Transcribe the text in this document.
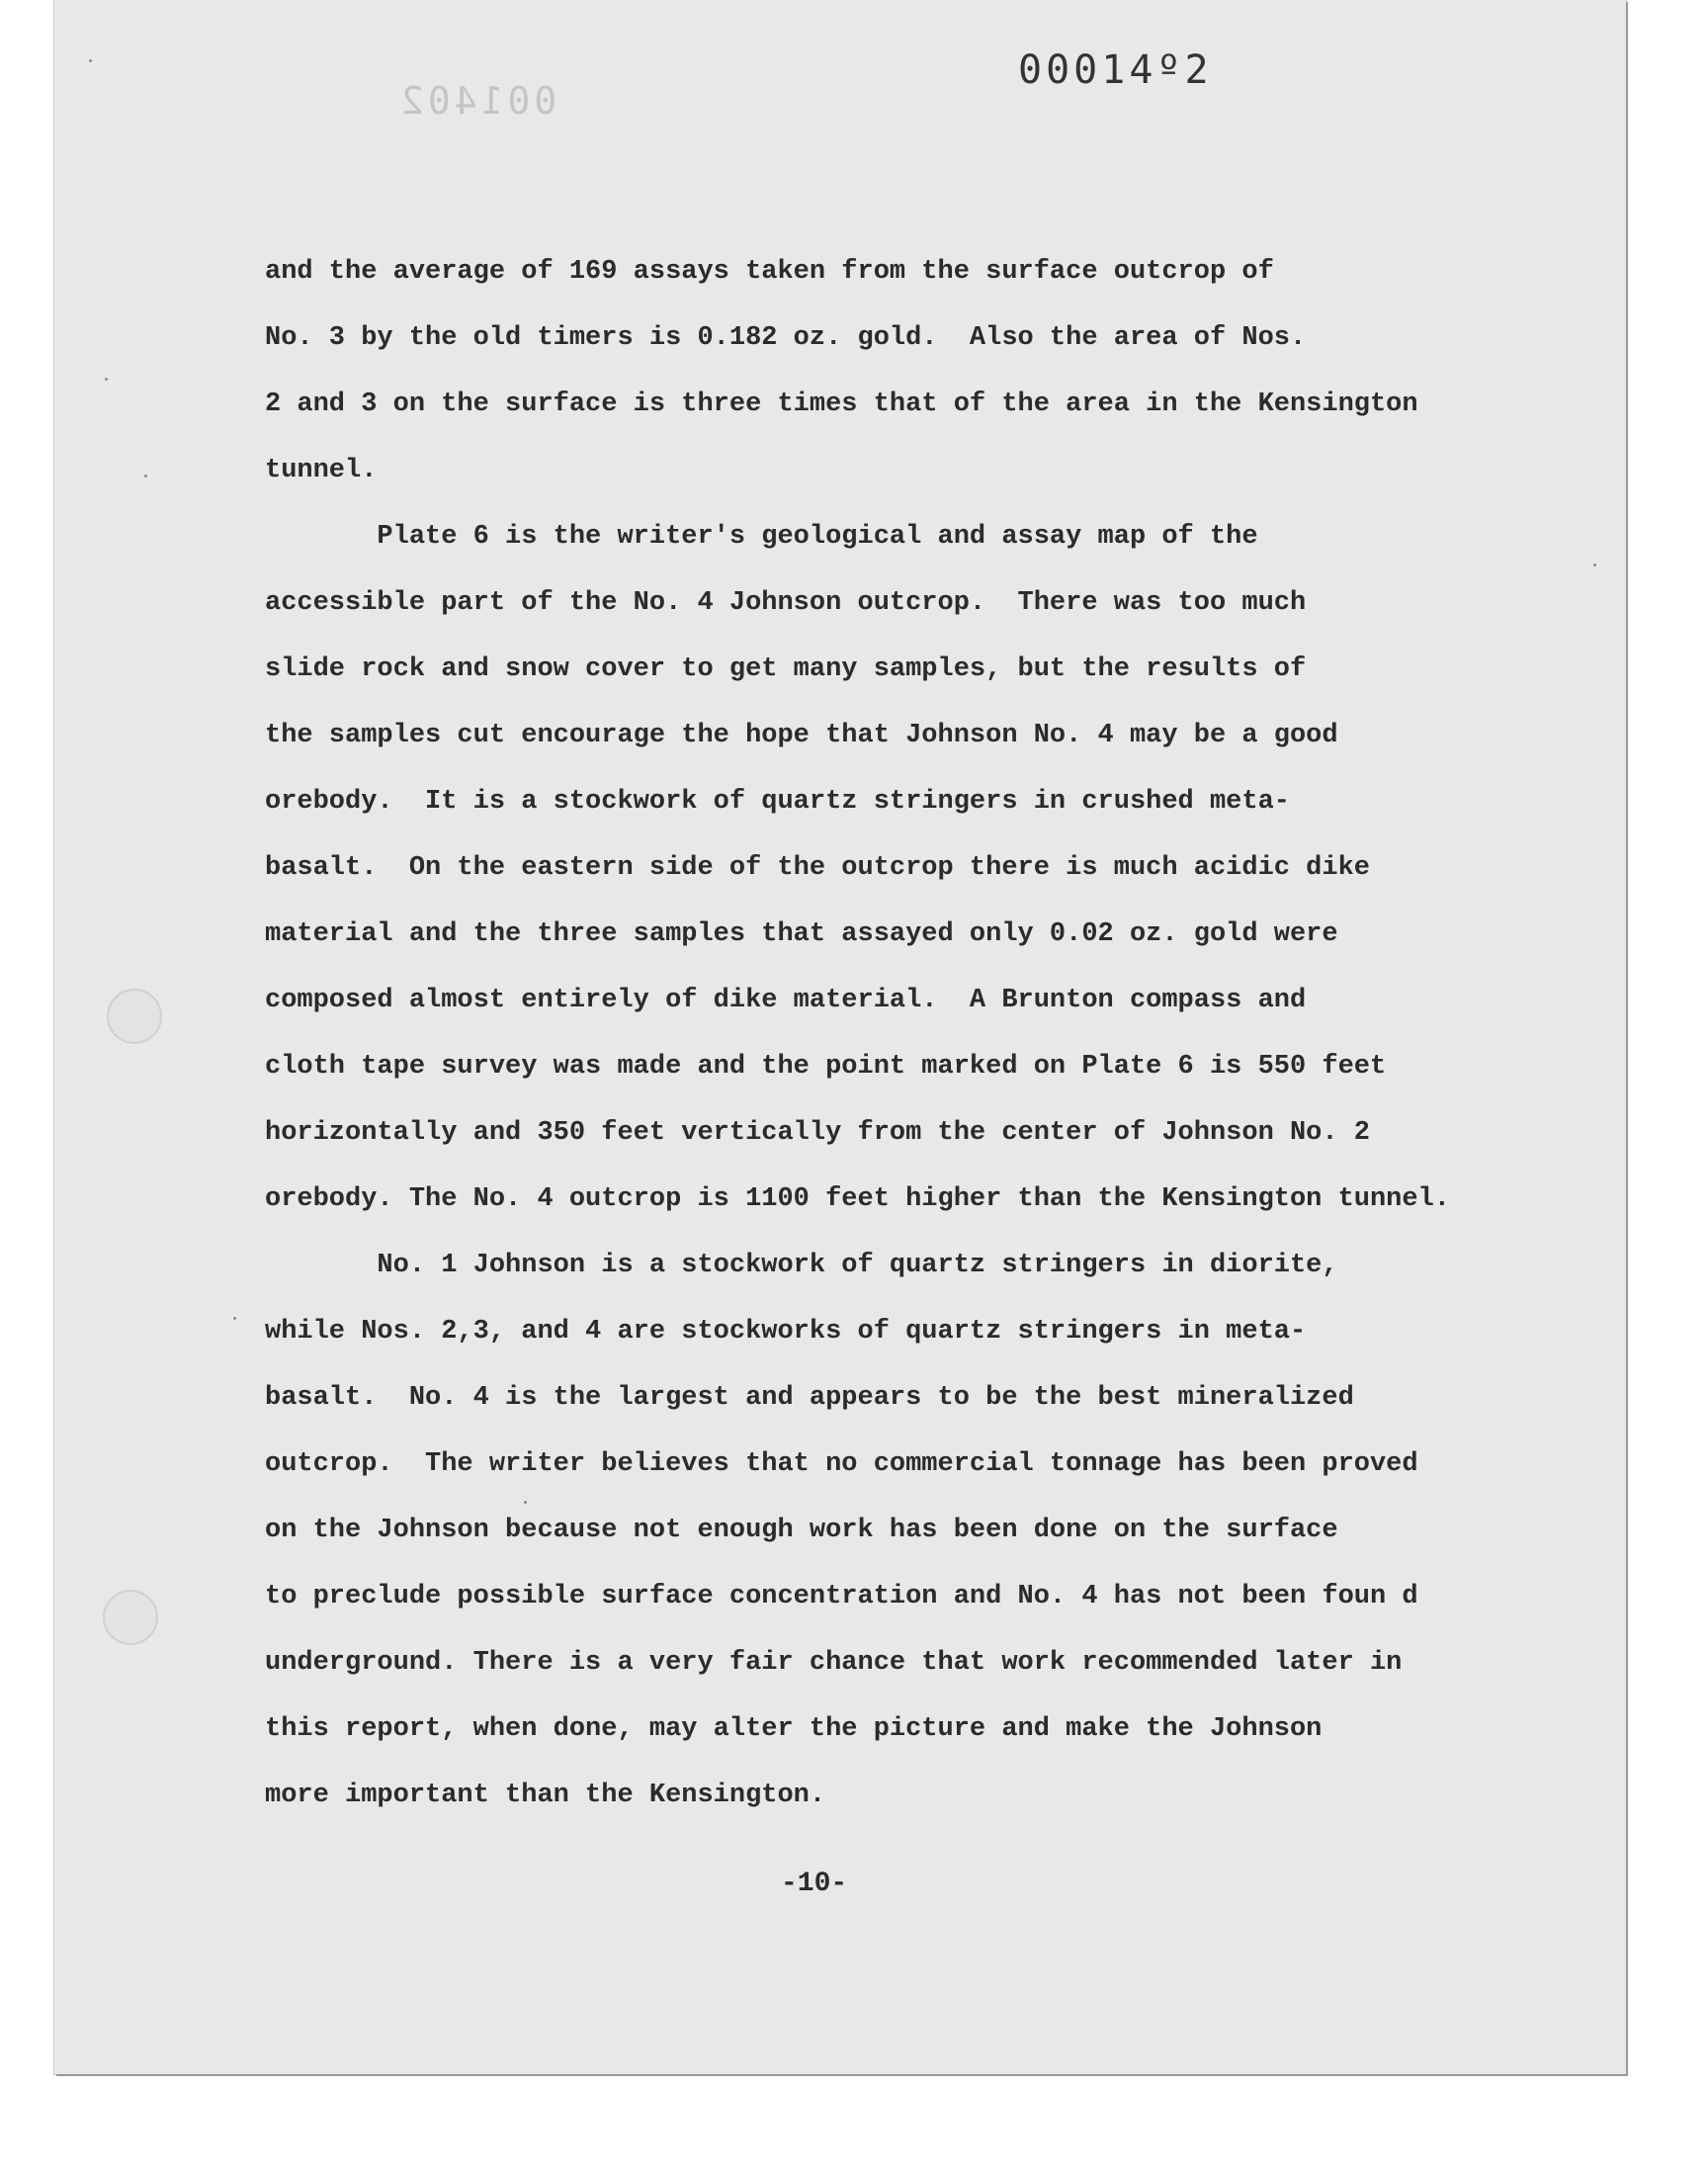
001402
00014º2

and the average of 169 assays taken from the surface outcrop of

No. 3 by the old timers is 0.182 oz. gold.  Also the area of Nos.

2 and 3 on the surface is three times that of the area in the Kensington

tunnel.

Plate 6 is the writer's geological and assay map of the

accessible part of the No. 4 Johnson outcrop.  There was too much

slide rock and snow cover to get many samples, but the results of

the samples cut encourage the hope that Johnson No. 4 may be a good

orebody.  It is a stockwork of quartz stringers in crushed meta-

basalt.  On the eastern side of the outcrop there is much acidic dike

material and the three samples that assayed only 0.02 oz. gold were

composed almost entirely of dike material.  A Brunton compass and

cloth tape survey was made and the point marked on Plate 6 is 550 feet

horizontally and 350 feet vertically from the center of Johnson No. 2

orebody. The No. 4 outcrop is 1100 feet higher than the Kensington tunnel.

No. 1 Johnson is a stockwork of quartz stringers in diorite,

while Nos. 2,3, and 4 are stockworks of quartz stringers in meta-

basalt.  No. 4 is the largest and appears to be the best mineralized

outcrop.  The writer believes that no commercial tonnage has been proved

on the Johnson because not enough work has been done on the surface

to preclude possible surface concentration and No. 4 has not been foun d

underground. There is a very fair chance that work recommended later in

this report, when done, may alter the picture and make the Johnson

more important than the Kensington.

-10-
